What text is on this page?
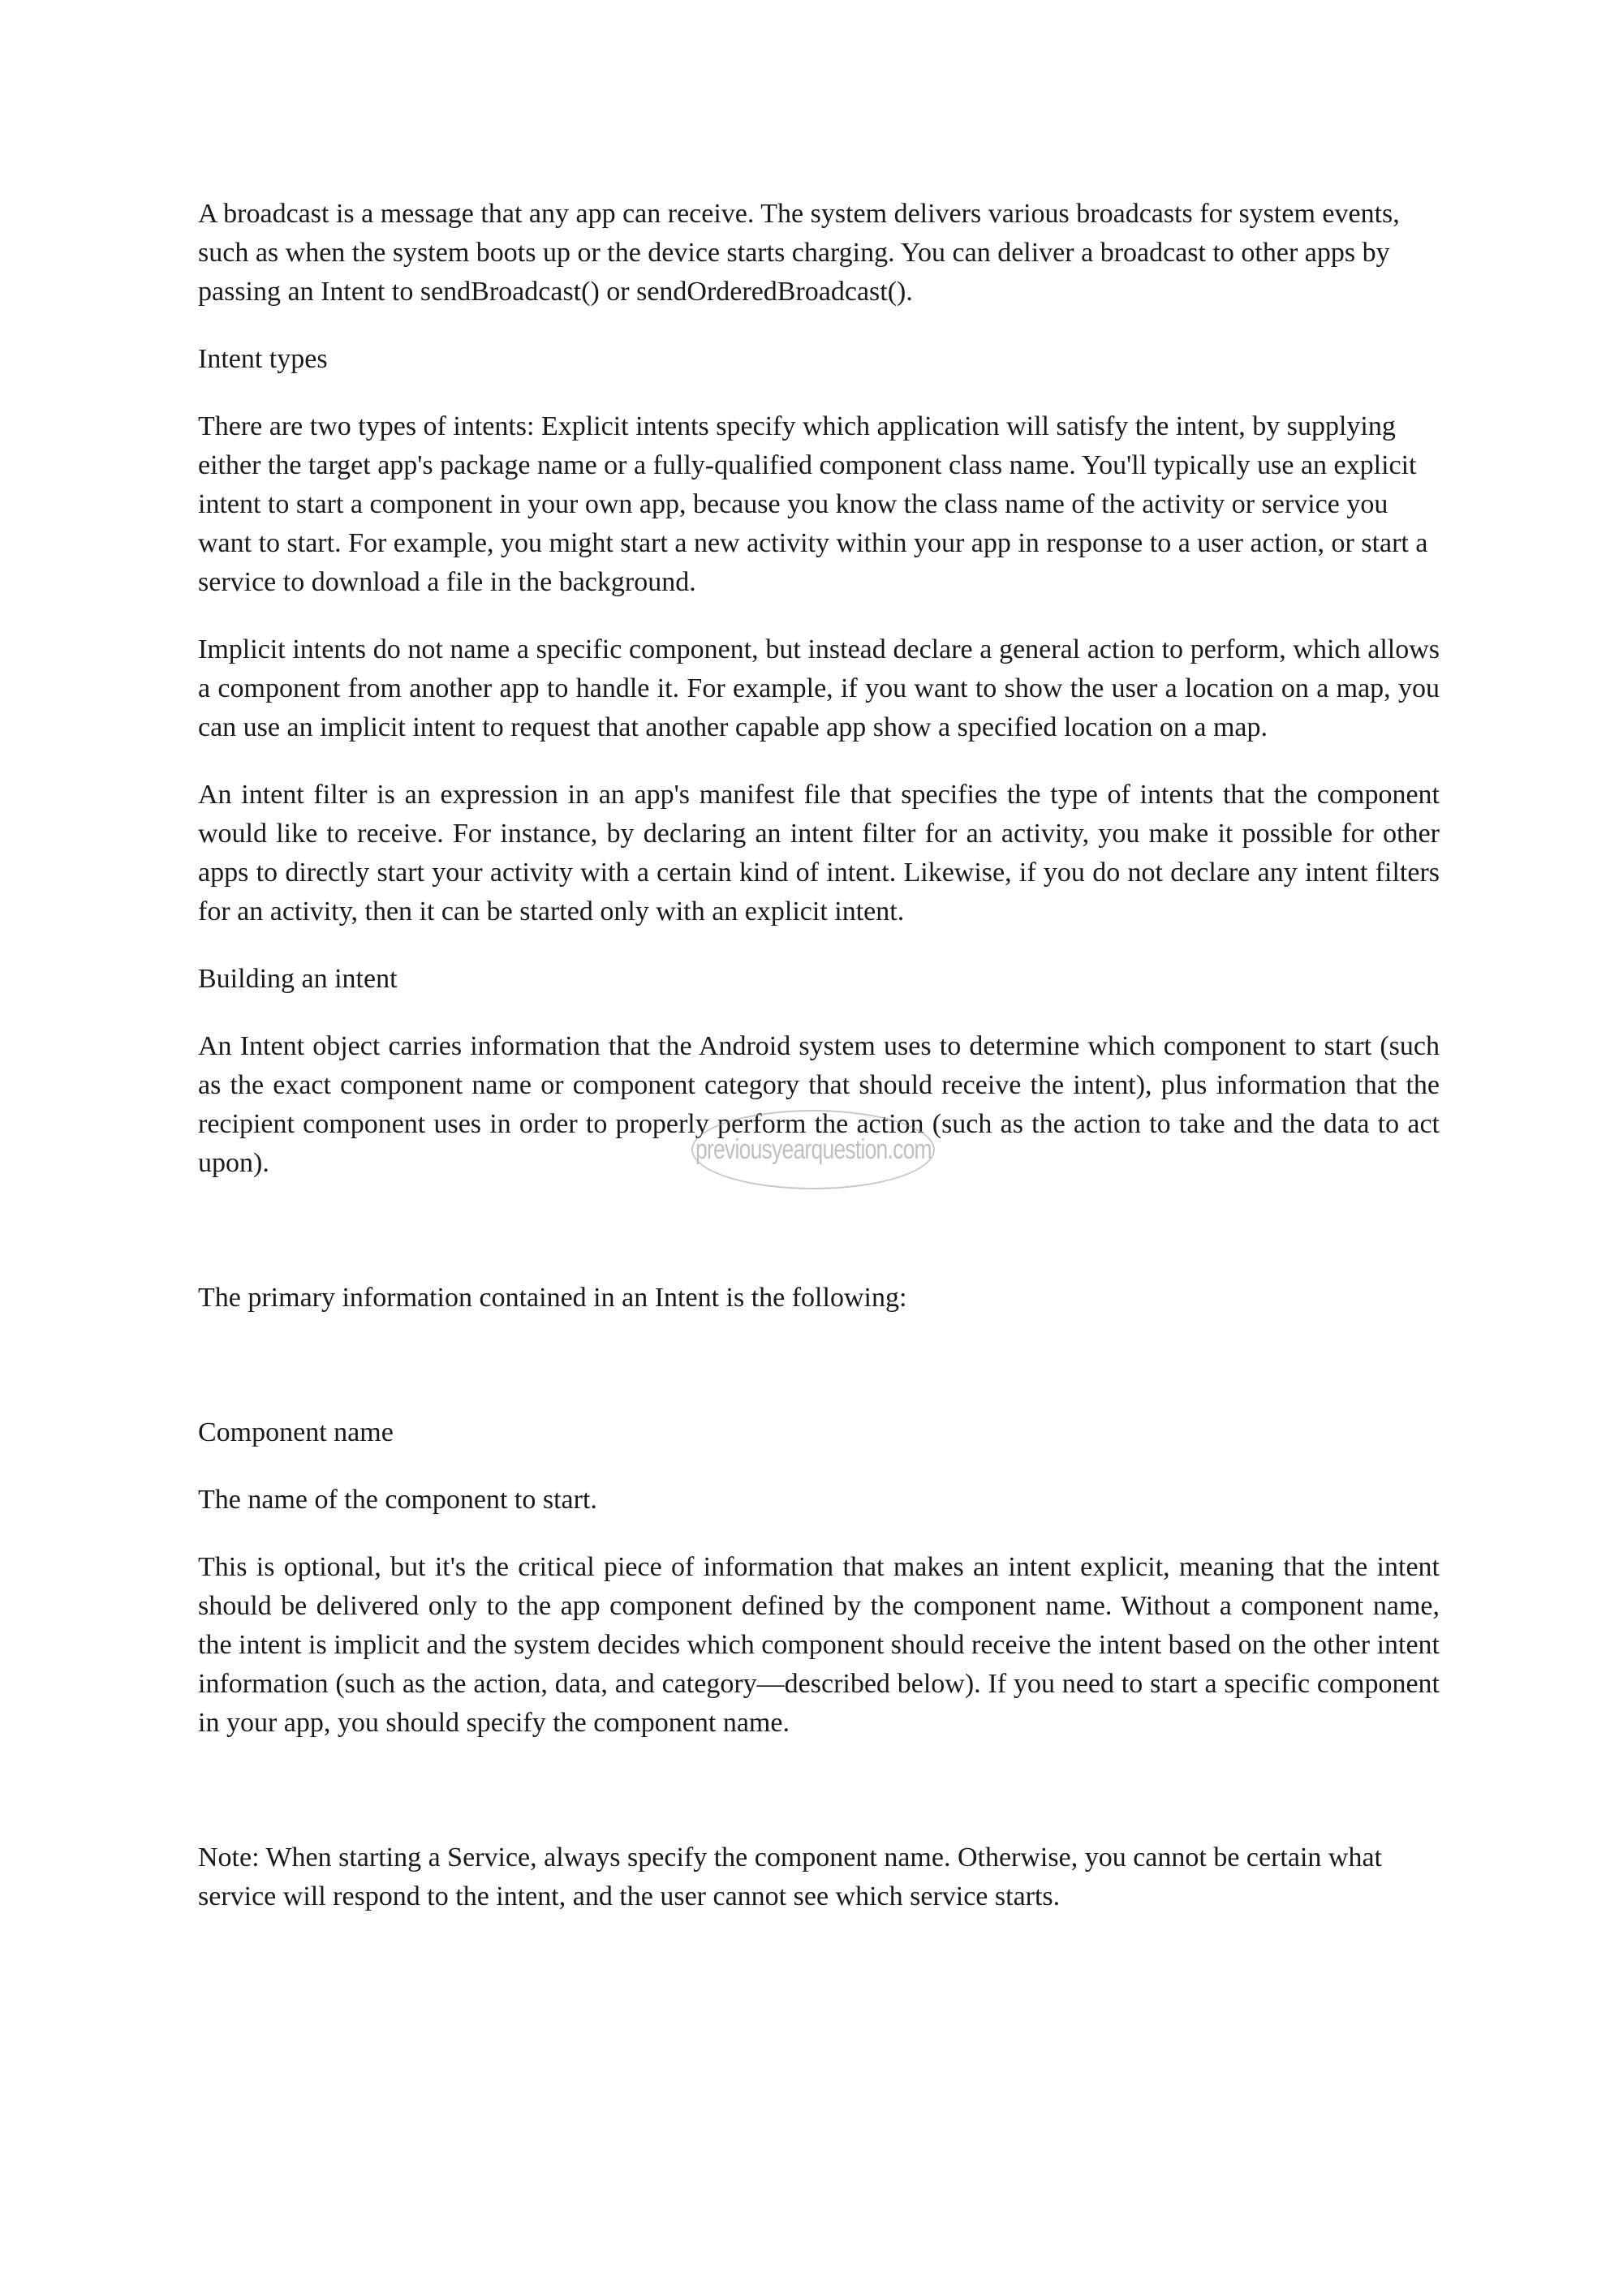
A broadcast is a message that any app can receive. The system delivers various broadcasts for system events, such as when the system boots up or the device starts charging. You can deliver a broadcast to other apps by passing an Intent to sendBroadcast() or sendOrderedBroadcast().

Intent types

There are two types of intents: Explicit intents specify which application will satisfy the intent, by supplying either the target app's package name or a fully-qualified component class name. You'll typically use an explicit intent to start a component in your own app, because you know the class name of the activity or service you want to start. For example, you might start a new activity within your app in response to a user action, or start a service to download a file in the background.

Implicit intents do not name a specific component, but instead declare a general action to perform, which allows a component from another app to handle it. For example, if you want to show the user a location on a map, you can use an implicit intent to request that another capable app show a specified location on a map.

An intent filter is an expression in an app's manifest file that specifies the type of intents that the component would like to receive. For instance, by declaring an intent filter for an activity, you make it possible for other apps to directly start your activity with a certain kind of intent. Likewise, if you do not declare any intent filters for an activity, then it can be started only with an explicit intent.

Building an intent

An Intent object carries information that the Android system uses to determine which component to start (such as the exact component name or component category that should receive the intent), plus information that the recipient component uses in order to properly perform the action (such as the action to take and the data to act upon).

The primary information contained in an Intent is the following:

Component name

The name of the component to start.

This is optional, but it's the critical piece of information that makes an intent explicit, meaning that the intent should be delivered only to the app component defined by the component name. Without a component name, the intent is implicit and the system decides which component should receive the intent based on the other intent information (such as the action, data, and category—described below). If you need to start a specific component in your app, you should specify the component name.

Note: When starting a Service, always specify the component name. Otherwise, you cannot be certain what service will respond to the intent, and the user cannot see which service starts.

previousyearquestion.com
